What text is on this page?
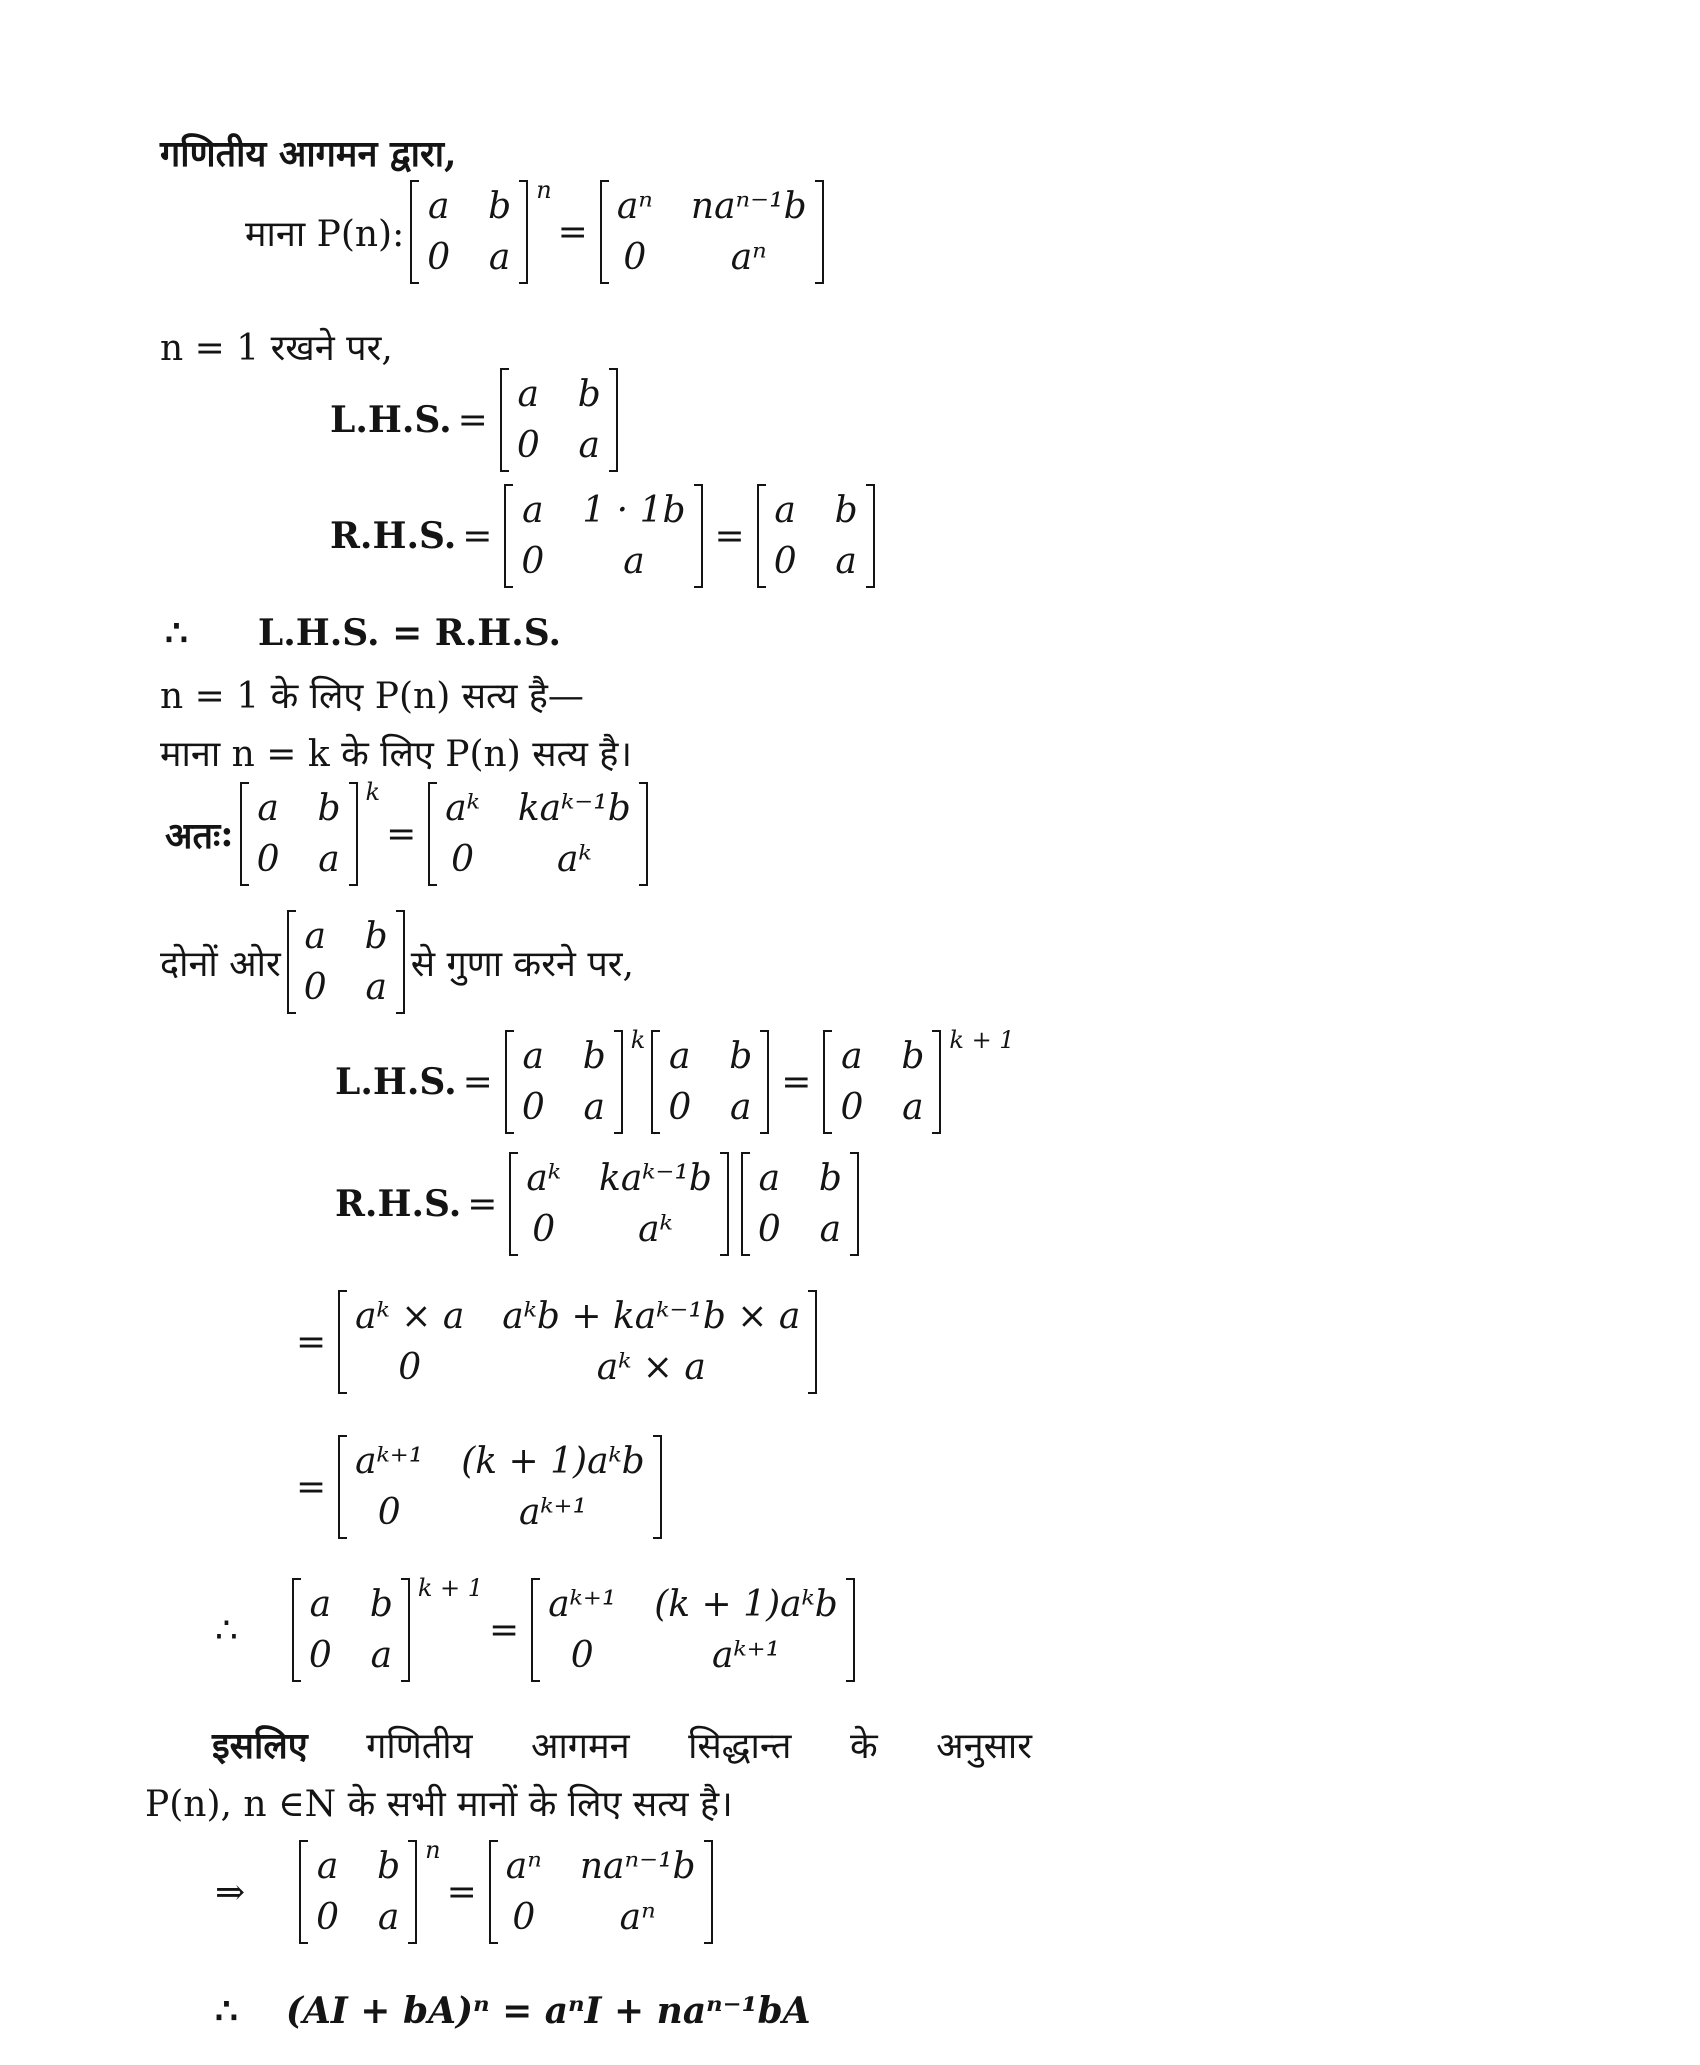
गणितीय आगमन द्वारा,
माना P(n):
a b
0 a
n
=
aⁿ naⁿ⁻¹b
0	aⁿ
n = 1 रखने पर,
L.H.S. =
a b
0 a
R.H.S. =
a 1 · 1b
0	a
=
a b
0 a
∴ L.H.S. = R.H.S.
n = 1 के लिए P(n) सत्य है—
माना n = k के लिए P(n) सत्य है।
अतः :
a b
0 a
k
=
aᵏ kaᵏ⁻¹b
0	aᵏ
दोनों ओर
a b
0 a
से गुणा करने पर,
L.H.S. =
a b
0 a
k a b
0 a
=
a b
0 a
k + 1
R.H.S. =
aᵏ kaᵏ⁻¹b
0	aᵏ
a b
0 a
=
aᵏ × a aᵏb + kaᵏ⁻¹b × a
0	aᵏ × a
=
aᵏ⁺¹ (k + 1)aᵏb
0	aᵏ⁺¹
∴
a b
0 a
k + 1
=
aᵏ⁺¹ (k + 1)aᵏb
0	aᵏ⁺¹
इसलिए गणितीय आगमन सिद्धान्त के अनुसार
P(n), n ∈N के सभी मानों के लिए सत्य है।
⇒
a b
0 a
n
=
aⁿ naⁿ⁻¹b
0	aⁿ
∴ (AI + bA)ⁿ = aⁿI + naⁿ⁻¹bA
